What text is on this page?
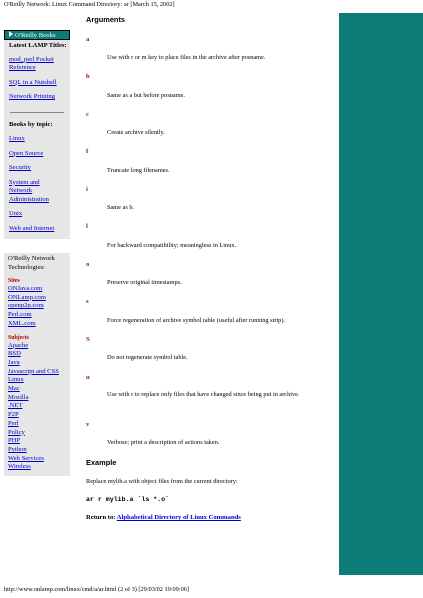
O'Reilly Network: Linux Command Directory: ar [March 15, 2002]
O'Reilly Books
Latest LAMP Titles:
mod_perl Pocket Reference
SQL in a Nutshell
Network Printing
Books by topic:
Linux
Open Source
Security
System and Network Administration
Unix
Web and Internet
O'Reilly Network Technologies:
Sites
ONJava.com
ONLamp.com
openp2p.com
Perl.com
XML.com
Subjects
Apache
BSD
Java
Javascript and CSS
Linux
Mac
Mozilla
.NET
P2P
Perl
Policy
PHP
Python
Web Services
Wireless
Arguments
a
Use with r or m key to place files in the archive after posname.
b
Same as a but before posname.
c
Create archive silently.
f
Truncate long filenames.
i
Same as b.
l
For backward compatibility; meaningless in Linux.
o
Preserve original timestamps.
s
Force regeneration of archive symbol table (useful after running strip).
S
Do not regenerate symbol table.
u
Use with r to replace only files that have changed since being put in archive.
v
Verbose; print a description of actions taken.
Example
Replace mylib.a with object files from the current directory:
ar r mylib.a `ls *.o`
Return to: Alphabetical Directory of Linux Commands
http://www.onlamp.com/linux/cmd/a/ar.html (2 of 3) [29/03/02 19:09:06]
